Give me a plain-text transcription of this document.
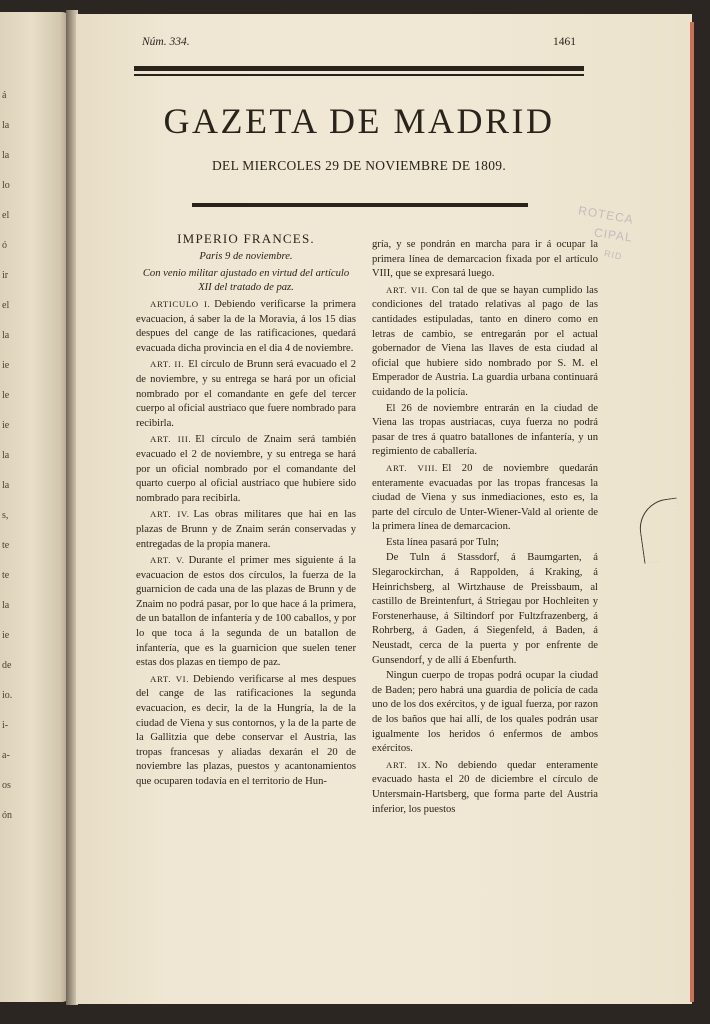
á
la
la
lo
el
ó
ir
el
la
ie
le
ie
la
la
s,
te
te
la
ie
de
io.
i-
a-
os
ón
Núm. 334.	1461
GAZETA DE MADRID
DEL MIERCOLES 29 DE NOVIEMBRE DE 1809.
IMPERIO FRANCES.
Paris 9 de noviembre.
Con venio militar ajustado en virtud del artículo XII del tratado de paz.

ARTICULO I. Debiendo verificarse la primera evacuacion, á saber la de la Moravia, á los 15 dias despues del cange de las ratificaciones, quedará evacuada dicha provincia en el dia 4 de noviembre.

ART. II. El círculo de Brunn será evacuado el 2 de noviembre, y su entrega se hará por un oficial nombrado por el comandante en gefe del tercer cuerpo al oficial austriaco que fuere nombrado para recibirla.

ART. III. El círculo de Znaim será también evacuado el 2 de noviembre, y su entrega se hará por un oficial nombrado por el comandante del quarto cuerpo al oficial austriaco que hubiere sido nombrado para recibirla.

ART. IV. Las obras militares que hai en las plazas de Brunn y de Znaim serán conservadas y entregadas de la propia manera.

ART. V. Durante el primer mes siguiente á la evacuacion de estos dos círculos, la fuerza de la guarnicion de cada una de las plazas de Brunn y de Znaim no podrá pasar, por lo que hace á la primera, de un batallon de infantería y de 100 caballos, y por lo que toca á la segunda de un batallon de infantería, que es la guarnicion que suelen tener estas dos plazas en tiempo de paz.

ART. VI. Debiendo verificarse al mes despues del cange de las ratificaciones la segunda evacuacion, es decir, la de la Hungría, la de la ciudad de Viena y sus contornos, y la de la parte de la Gallitzia que debe conservar el Austria, las tropas francesas y aliadas dexarán el 20 de noviembre las plazas, puestos y acantonamientos que ocuparen todavía en el territorio de Hun-

gría, y se pondrán en marcha para ir á ocupar la primera línea de demarcacion fixada por el artículo VIII, que se expresará luego.

ART. VII. Con tal de que se hayan cumplido las condiciones del tratado relativas al pago de las cantidades estipuladas, tanto en dinero como en letras de cambio, se entregarán por el actual gobernador de Viena las llaves de esta ciudad al oficial que hubiere sido nombrado por S. M. el Emperador de Austria. La guardia urbana continuará cuidando de la policía.

El 26 de noviembre entrarán en la ciudad de Viena las tropas austriacas, cuya fuerza no podrá pasar de tres á quatro batallones de infantería, y un regimiento de caballería.

ART. VIII. El 20 de noviembre quedarán enteramente evacuadas por las tropas francesas la ciudad de Viena y sus inmediaciones, esto es, la parte del círculo de Unter-Wiener-Vald al oriente de la primera línea de demarcacion.

Esta línea pasará por Tuln;

De Tuln á Stassdorf, á Baumgarten, á Slegarockirchan, á Rappolden, á Kraking, á Heinrichsberg, al Wirtzhause de Preissbaum, al castillo de Breintenfurt, á Striegau por Hochleiten y Forstenerhause, á Siltindorf por Fultzfrazenberg, á Rohrberg, á Gaden, á Siegenfeld, á Baden, á Neustadt, cerca de la puerta y por enfrente de Gunsendorf, y de allí á Ebenfurth.

Ningun cuerpo de tropas podrá ocupar la ciudad de Baden; pero habrá una guardia de policía de cada uno de los dos exércitos, y de igual fuerza, por razon de los baños que hai allí, de los quales podrán usar igualmente los heridos ó enfermos de ambos exércitos.

ART. IX. No debiendo quedar enteramente evacuado hasta el 20 de diciembre el círculo de Untersmain-Hartsberg, que forma parte del Austria inferior, los puestos

ROTECA
CIPAL
RID
